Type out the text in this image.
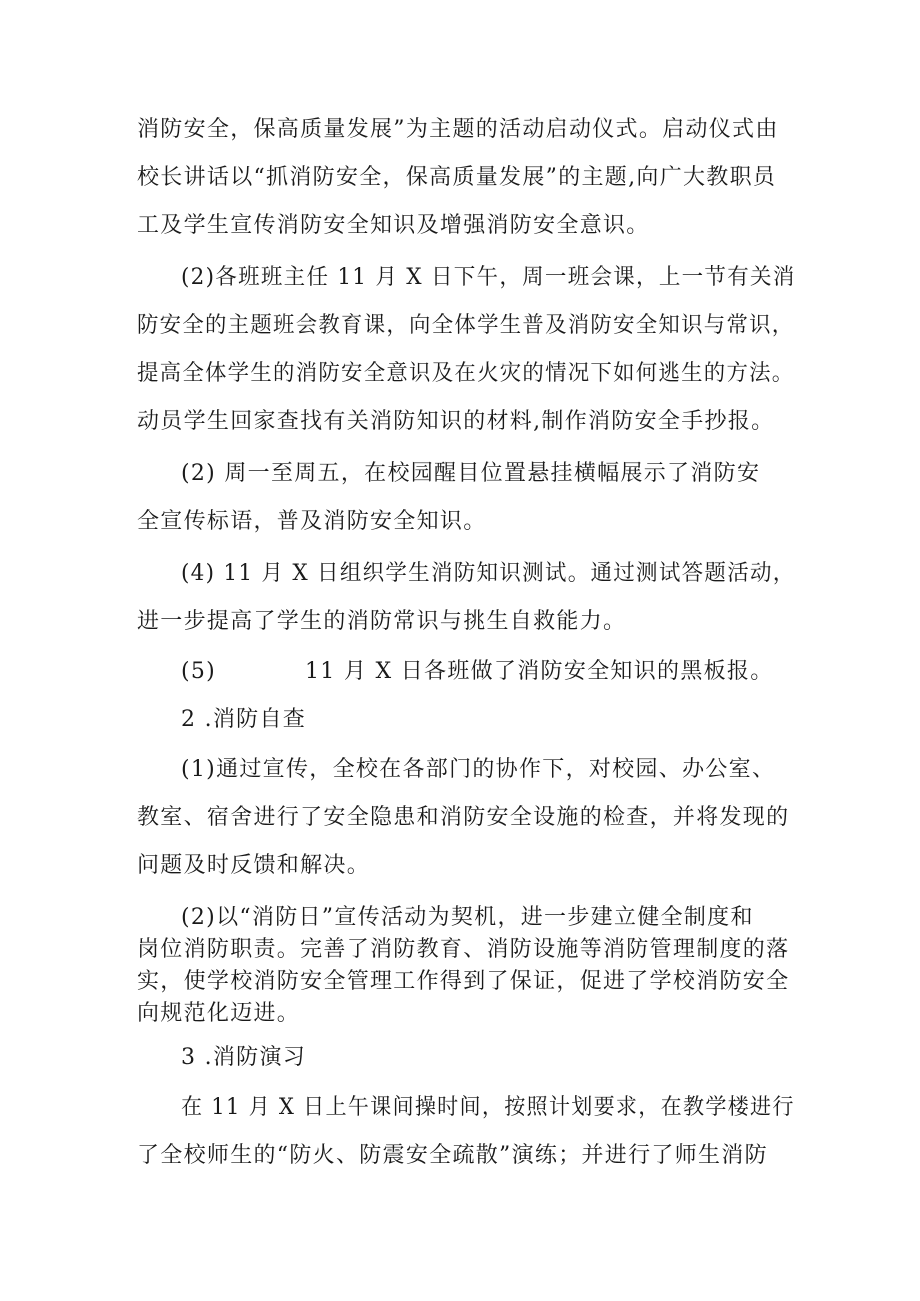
消防安全，保高质量发展”为主题的活动启动仪式。启动仪式由
校长讲话以“抓消防安全，保高质量发展”的主题,向广大教职员
工及学生宣传消防安全知识及增强消防安全意识。
(2)各班班主任 11 月 X 日下午，周一班会课，上一节有关消
防安全的主题班会教育课，向全体学生普及消防安全知识与常识，
提高全体学生的消防安全意识及在火灾的情况下如何逃生的方法。
动员学生回家查找有关消防知识的材料,制作消防安全手抄报。
(2) 周一至周五，在校园醒目位置悬挂横幅展示了消防安
全宣传标语，普及消防安全知识。
(4) 11 月 X 日组织学生消防知识测试。通过测试答题活动，
进一步提高了学生的消防常识与挑生自救能力。
(5)	11 月 X 日各班做了消防安全知识的黑板报。
2 .消防自查
(1)通过宣传，全校在各部门的协作下，对校园、办公室、
教室、宿舍进行了安全隐患和消防安全设施的检查，并将发现的
问题及时反馈和解决。
(2)以“消防日”宣传活动为契机，进一步建立健全制度和
岗位消防职责。完善了消防教育、消防设施等消防管理制度的落
实，使学校消防安全管理工作得到了保证，促进了学校消防安全
向规范化迈进。
3 .消防演习
在 11 月 X 日上午课间操时间，按照计划要求，在教学楼进行
了全校师生的“防火、防震安全疏散”演练；并进行了师生消防
